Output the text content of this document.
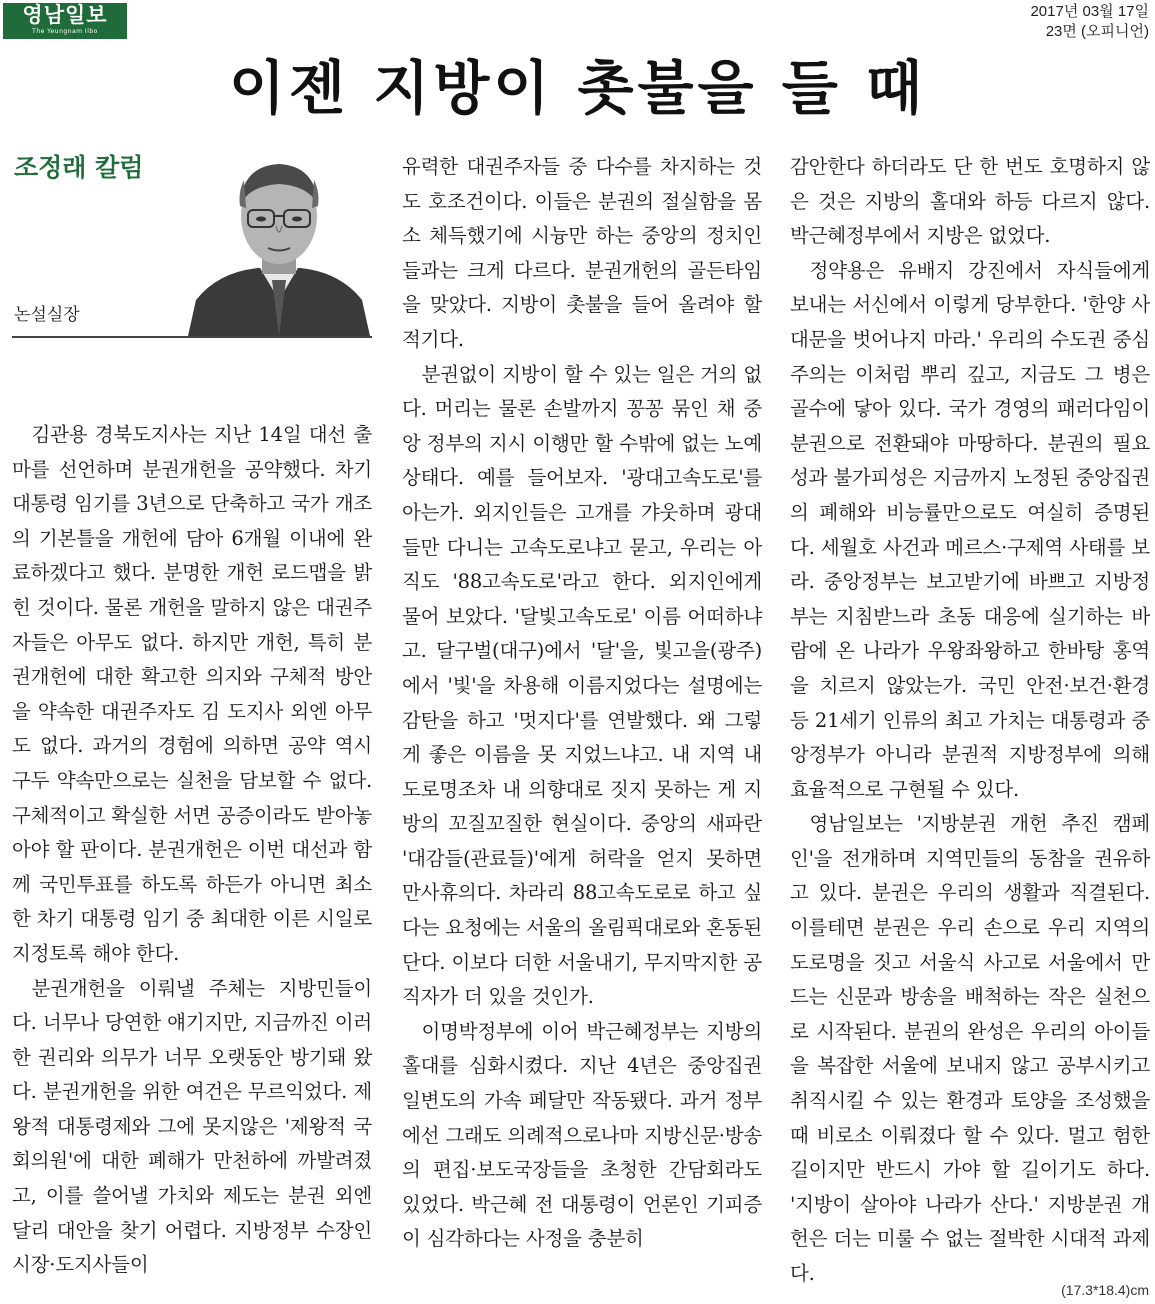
영남일보
The Yeungnam Ilbo
2017년 03월 17일
23면 (오피니언)
이젠 지방이 촛불을 들 때
조정래 칼럼
논설실장

김관용 경북도지사는 지난 14일 대선 출마를 선언하며 분권개헌을 공약했다. 차기 대통령 임기를 3년으로 단축하고 국가 개조의 기본틀을 개헌에 담아 6개월 이내에 완료하겠다고 했다. 분명한 개헌 로드맵을 밝힌 것이다. 물론 개헌을 말하지 않은 대권주자들은 아무도 없다. 하지만 개헌, 특히 분권개헌에 대한 확고한 의지와 구체적 방안을 약속한 대권주자도 김 도지사 외엔 아무도 없다. 과거의 경험에 의하면 공약 역시 구두 약속만으로는 실천을 담보할 수 없다. 구체적이고 확실한 서면 공증이라도 받아놓아야 할 판이다. 분권개헌은 이번 대선과 함께 국민투표를 하도록 하든가 아니면 최소한 차기 대통령 임기 중 최대한 이른 시일로 지정토록 해야 한다.

분권개헌을 이뤄낼 주체는 지방민들이다. 너무나 당연한 얘기지만, 지금까진 이러한 권리와 의무가 너무 오랫동안 방기돼 왔다. 분권개헌을 위한 여건은 무르익었다. 제왕적 대통령제와 그에 못지않은 '제왕적 국회의원'에 대한 폐해가 만천하에 까발려졌고, 이를 쓸어낼 가치와 제도는 분권 외엔 달리 대안을 찾기 어렵다. 지방정부 수장인 시장·도지사들이

유력한 대권주자들 중 다수를 차지하는 것도 호조건이다. 이들은 분권의 절실함을 몸소 체득했기에 시늉만 하는 중앙의 정치인들과는 크게 다르다. 분권개헌의 골든타임을 맞았다. 지방이 촛불을 들어 올려야 할 적기다.

분권없이 지방이 할 수 있는 일은 거의 없다. 머리는 물론 손발까지 꽁꽁 묶인 채 중앙 정부의 지시 이행만 할 수밖에 없는 노예상태다. 예를 들어보자. '광대고속도로'를 아는가. 외지인들은 고개를 갸웃하며 광대들만 다니는 고속도로냐고 묻고, 우리는 아직도 '88고속도로'라고 한다. 외지인에게 물어 보았다. '달빛고속도로' 이름 어떠하냐고. 달구벌(대구)에서 '달'을, 빛고을(광주)에서 '빛'을 차용해 이름지었다는 설명에는 감탄을 하고 '멋지다'를 연발했다. 왜 그렇게 좋은 이름을 못 지었느냐고. 내 지역 내 도로명조차 내 의향대로 짓지 못하는 게 지방의 꼬질꼬질한 현실이다. 중앙의 새파란 '대감들(관료들)'에게 허락을 얻지 못하면 만사휴의다. 차라리 88고속도로로 하고 싶다는 요청에는 서울의 올림픽대로와 혼동된단다. 이보다 더한 서울내기, 무지막지한 공직자가 더 있을 것인가.

이명박정부에 이어 박근혜정부는 지방의 홀대를 심화시켰다. 지난 4년은 중앙집권 일변도의 가속 페달만 작동됐다. 과거 정부에선 그래도 의례적으로나마 지방신문·방송의 편집·보도국장들을 초청한 간담회라도 있었다. 박근혜 전 대통령이 언론인 기피증이 심각하다는 사정을 충분히

감안한다 하더라도 단 한 번도 호명하지 않은 것은 지방의 홀대와 하등 다르지 않다. 박근혜정부에서 지방은 없었다.

정약용은 유배지 강진에서 자식들에게 보내는 서신에서 이렇게 당부한다. '한양 사대문을 벗어나지 마라.' 우리의 수도권 중심주의는 이처럼 뿌리 깊고, 지금도 그 병은 골수에 닿아 있다. 국가 경영의 패러다임이 분권으로 전환돼야 마땅하다. 분권의 필요성과 불가피성은 지금까지 노정된 중앙집권의 폐해와 비능률만으로도 여실히 증명된다. 세월호 사건과 메르스·구제역 사태를 보라. 중앙정부는 보고받기에 바쁘고 지방정부는 지침받느라 초동 대응에 실기하는 바람에 온 나라가 우왕좌왕하고 한바탕 홍역을 치르지 않았는가. 국민 안전·보건·환경 등 21세기 인류의 최고 가치는 대통령과 중앙정부가 아니라 분권적 지방정부에 의해 효율적으로 구현될 수 있다.

영남일보는 '지방분권 개헌 추진 캠페인'을 전개하며 지역민들의 동참을 권유하고 있다. 분권은 우리의 생활과 직결된다. 이를테면 분권은 우리 손으로 우리 지역의 도로명을 짓고 서울식 사고로 서울에서 만드는 신문과 방송을 배척하는 작은 실천으로 시작된다. 분권의 완성은 우리의 아이들을 복잡한 서울에 보내지 않고 공부시키고 취직시킬 수 있는 환경과 토양을 조성했을 때 비로소 이뤄졌다 할 수 있다. 멀고 험한 길이지만 반드시 가야 할 길이기도 하다. '지방이 살아야 나라가 산다.' 지방분권 개헌은 더는 미룰 수 없는 절박한 시대적 과제다.

(17.3*18.4)cm
